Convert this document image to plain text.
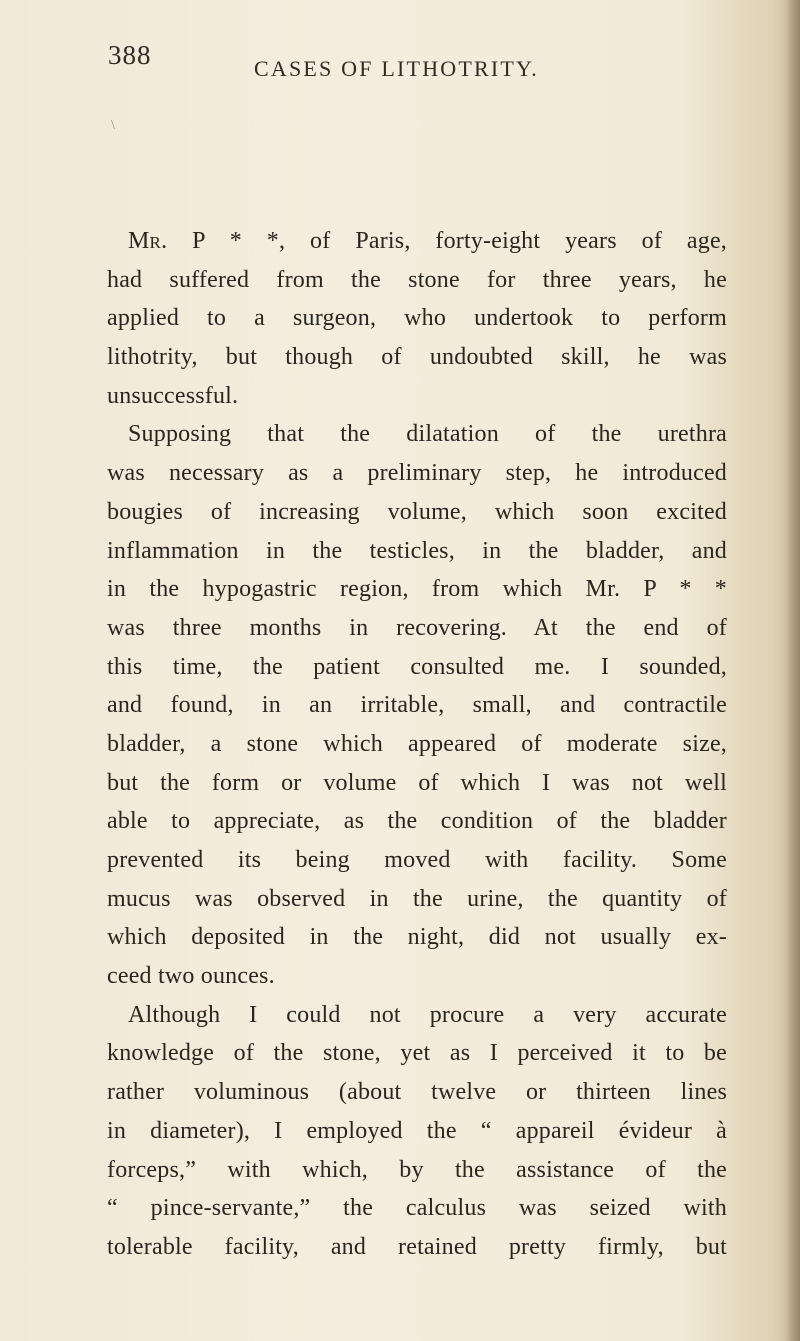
388	CASES OF LITHOTRITY.
\
Mr. P * *, of Paris, forty-eight years of age,
had suffered from the stone for three years, he
applied to a surgeon, who undertook to perform
lithotrity, but though of undoubted skill, he was
unsuccessful.
Supposing that the dilatation of the urethra
was necessary as a preliminary step, he introduced
bougies of increasing volume, which soon excited
inflammation in the testicles, in the bladder, and
in the hypogastric region, from which Mr. P * *
was three months in recovering. At the end of
this time, the patient consulted me. I sounded,
and found, in an irritable, small, and contractile
bladder, a stone which appeared of moderate size,
but the form or volume of which I was not well
able to appreciate, as the condition of the bladder
prevented its being moved with facility. Some
mucus was observed in the urine, the quantity of
which deposited in the night, did not usually ex-
ceed two ounces.
Although I could not procure a very accurate
knowledge of the stone, yet as I perceived it to be
rather voluminous (about twelve or thirteen lines
in diameter), I employed the “ appareil évideur à
forceps,” with which, by the assistance of the
“ pince-servante,” the calculus was seized with
tolerable facility, and retained pretty firmly, but
